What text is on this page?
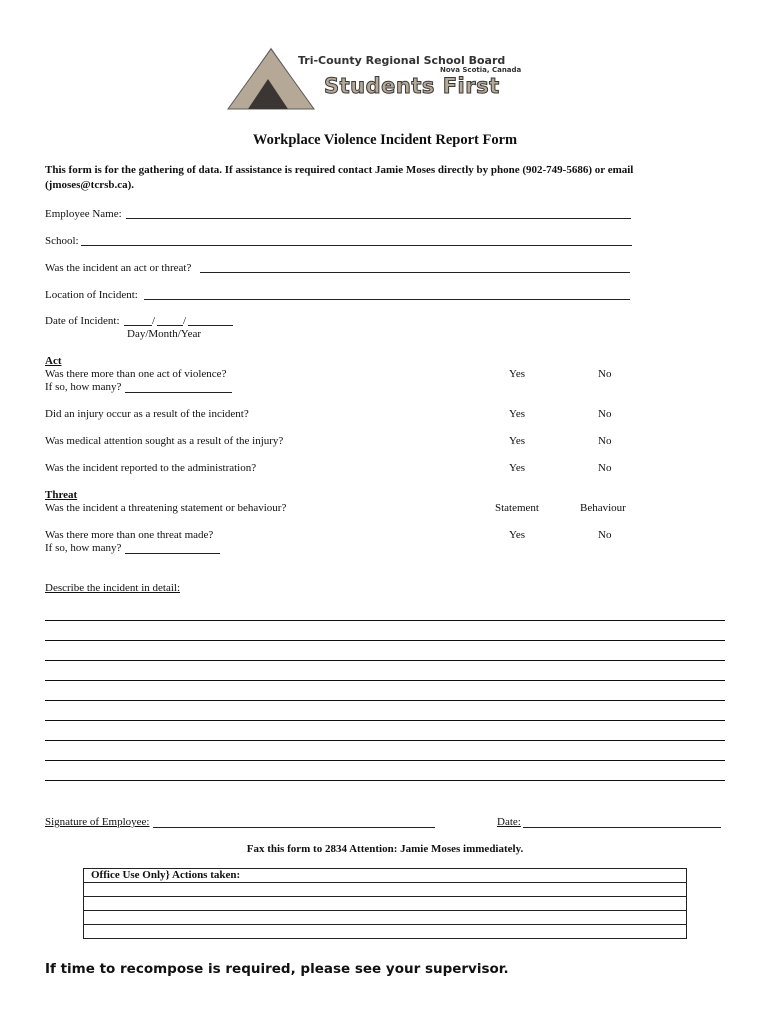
Tri-County Regional School Board
Nova Scotia, Canada
Students First
Workplace Violence Incident Report Form
This form is for the gathering of data. If assistance is required contact Jamie Moses directly by phone (902-749-5686) or email
(jmoses@tcrsb.ca).
Employee Name:
School:
Was the incident an act or threat?
Location of Incident:
Date of Incident:	/	/
Day/Month/Year
Act
Was there more than one act of violence?	Yes	No
If so, how many?
Did an injury occur as a result of the incident?	Yes	No
Was medical attention sought as a result of the injury?	Yes	No
Was the incident reported to the administration?	Yes	No
Threat
Was the incident a threatening statement or behaviour?	Statement	Behaviour
Was there more than one threat made?	Yes	No
If so, how many?
Describe the incident in detail:
Signature of Employee:	Date:
Fax this form to 2834 Attention: Jamie Moses immediately.
Office Use Only} Actions taken:
If time to recompose is required, please see your supervisor.
